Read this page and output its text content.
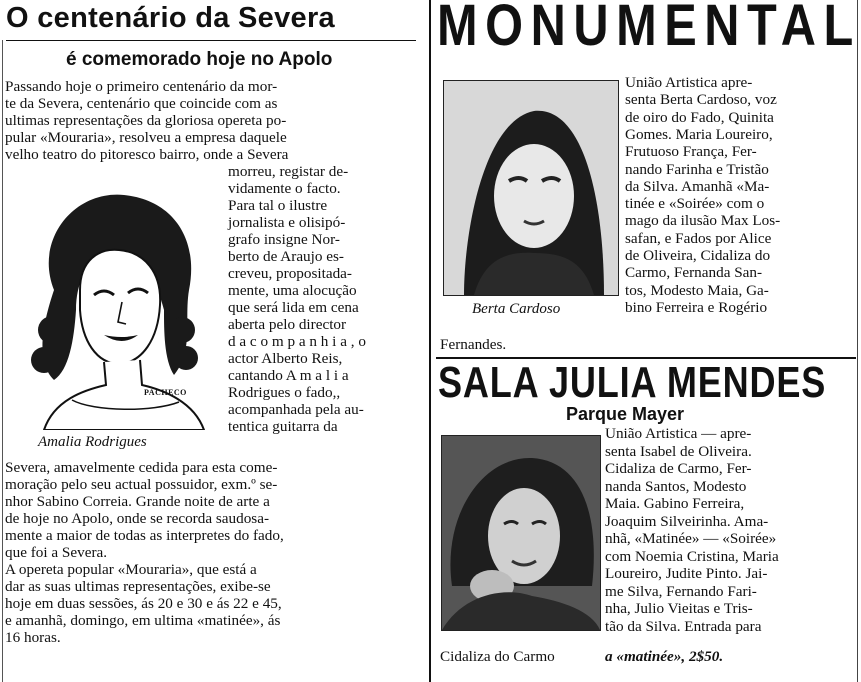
O centenário da Severa
é comemorado hoje no Apolo
PACHECO
Amalia Rodrigues
Passando hoje o primeiro centenário da mor-
te da Severa, centenário que coincide com as
ultimas representações da gloriosa opereta po-
pular «Mouraria», resolveu a empresa daquele
velho teatro do pitoresco bairro, onde a Severa
morreu, registar de-
vidamente o facto.
Para tal o ilustre
jornalista e olisipó-
grafo insigne Nor-
berto de Araujo es-
creveu, propositada-
mente, uma alocução
que será lida em cena
aberta pelo director
d a c o m p a n h i a , o
actor Alberto Reis,
cantando A m a l i a
Rodrigues o fado,,
acompanhada pela au-
tentica guitarra da
Severa, amavelmente cedida para esta come-
moração pelo seu actual possuidor, exm.º se-
nhor Sabino Correia. Grande noite de arte a
de hoje no Apolo, onde se recorda saudosa-
mente a maior de todas as interpretes do fado,
que foi a Severa.
A opereta popular «Mouraria», que está a
dar as suas ultimas representações, exibe-se
hoje em duas sessões, ás 20 e 30 e ás 22 e 45,
e amanhã, domingo, em ultima «matinée», ás
16 horas.
MONUMENTAL
Berta Cardoso
União Artistica apre-
senta Berta Cardoso, voz
de oiro do Fado, Quinita
Gomes. Maria Loureiro,
Frutuoso França, Fer-
nando Farinha e Tristão
da Silva. Amanhã «Ma-
tinée e «Soirée» com o
mago da ilusão Max Los-
safan, e Fados por Alice
de Oliveira, Cidaliza do
Carmo, Fernanda San-
tos, Modesto Maia, Ga-
bino Ferreira e Rogério
Fernandes.
SALA JULIA MENDES
Parque Mayer
União Artistica — apre-
senta Isabel de Oliveira.
Cidaliza de Carmo, Fer-
nanda Santos, Modesto
Maia. Gabino Ferreira,
Joaquim Silveirinha. Ama-
nhã, «Matinée» — «Soirée»
com Noemia Cristina, Maria
Loureiro, Judite Pinto. Jai-
me Silva, Fernando Fari-
nha, Julio Vieitas e Tris-
tão da Silva. Entrada para
Cidaliza do Carmo	a «matinée», 2$50.
